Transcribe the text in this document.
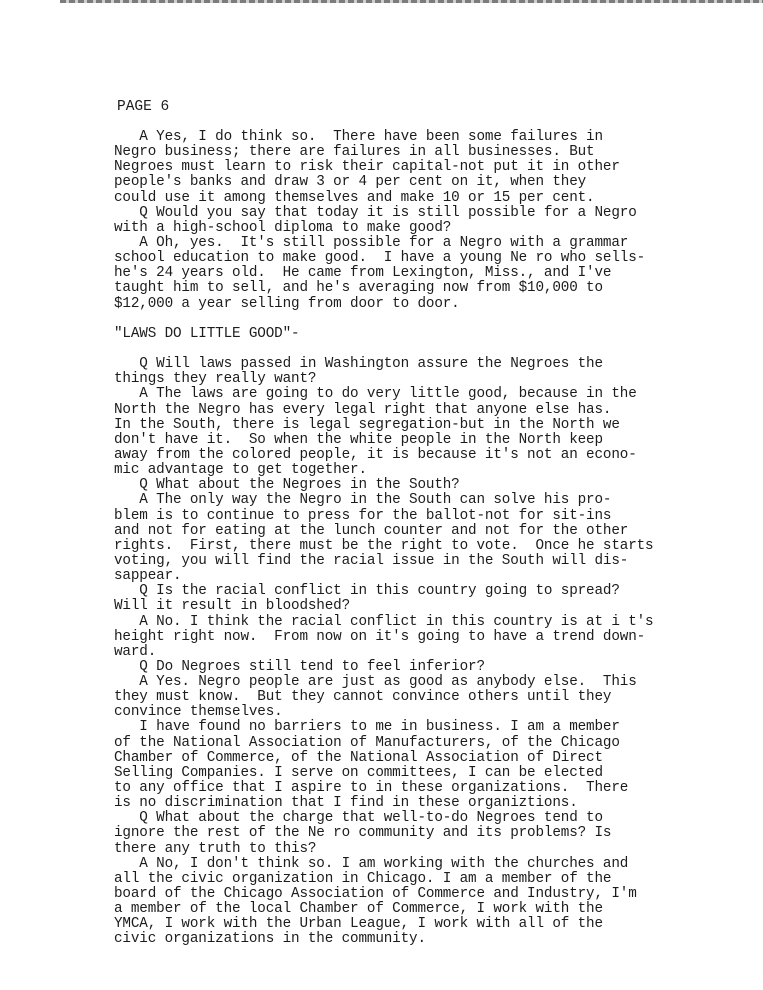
PAGE 6
A Yes, I do think so.  There have been some failures in
Negro business; there are failures in all businesses. But
Negroes must learn to risk their capital-not put it in other
people's banks and draw 3 or 4 per cent on it, when they
could use it among themselves and make 10 or 15 per cent.
Q Would you say that today it is still possible for a Negro
with a high-school diploma to make good?
A Oh, yes.  It's still possible for a Negro with a grammar
school education to make good.  I have a young Ne ro who sells-
he's 24 years old.  He came from Lexington, Miss., and I've
taught him to sell, and he's averaging now from $10,000 to
$12,000 a year selling from door to door.
"LAWS DO LITTLE GOOD"-
Q Will laws passed in Washington assure the Negroes the
things they really want?
A The laws are going to do very little good, because in the
North the Negro has every legal right that anyone else has.
In the South, there is legal segregation-but in the North we
don't have it.  So when the white people in the North keep
away from the colored people, it is because it's not an econo-
mic advantage to get together.
Q What about the Negroes in the South?
A The only way the Negro in the South can solve his pro-
blem is to continue to press for the ballot-not for sit-ins
and not for eating at the lunch counter and not for the other
rights.  First, there must be the right to vote.  Once he starts
voting, you will find the racial issue in the South will dis-
sappear.
Q Is the racial conflict in this country going to spread?
Will it result in bloodshed?
A No. I think the racial conflict in this country is at i t's
height right now.  From now on it's going to have a trend down-
ward.
Q Do Negroes still tend to feel inferior?
A Yes. Negro people are just as good as anybody else.  This
they must know.  But they cannot convince others until they
convince themselves.
I have found no barriers to me in business. I am a member
of the National Association of Manufacturers, of the Chicago
Chamber of Commerce, of the National Association of Direct
Selling Companies. I serve on committees, I can be elected
to any office that I aspire to in these organizations.  There
is no discrimination that I find in these organiztions.
Q What about the charge that well-to-do Negroes tend to
ignore the rest of the Ne ro community and its problems? Is
there any truth to this?
A No, I don't think so. I am working with the churches and
all the civic organization in Chicago. I am a member of the
board of the Chicago Association of Commerce and Industry, I'm
a member of the local Chamber of Commerce, I work with the
YMCA, I work with the Urban League, I work with all of the
civic organizations in the community.
